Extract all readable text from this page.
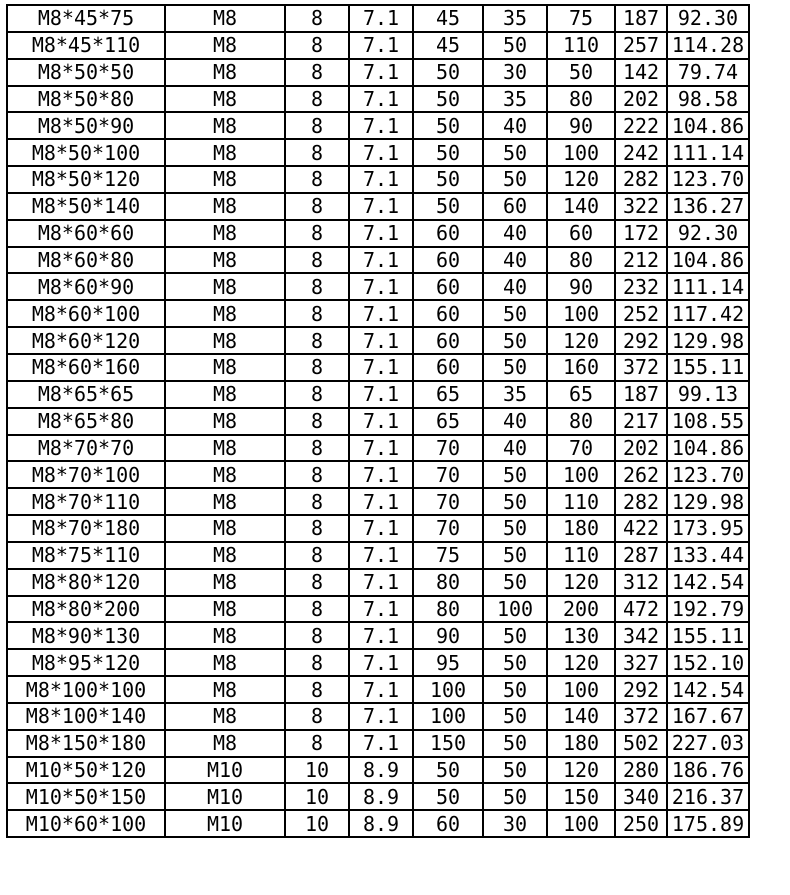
M8*45*75	M8	8	7.1	45	35	75	187	92.30
M8*45*110	M8	8	7.1	45	50	110	257	114.28
M8*50*50	M8	8	7.1	50	30	50	142	79.74
M8*50*80	M8	8	7.1	50	35	80	202	98.58
M8*50*90	M8	8	7.1	50	40	90	222	104.86
M8*50*100	M8	8	7.1	50	50	100	242	111.14
M8*50*120	M8	8	7.1	50	50	120	282	123.70
M8*50*140	M8	8	7.1	50	60	140	322	136.27
M8*60*60	M8	8	7.1	60	40	60	172	92.30
M8*60*80	M8	8	7.1	60	40	80	212	104.86
M8*60*90	M8	8	7.1	60	40	90	232	111.14
M8*60*100	M8	8	7.1	60	50	100	252	117.42
M8*60*120	M8	8	7.1	60	50	120	292	129.98
M8*60*160	M8	8	7.1	60	50	160	372	155.11
M8*65*65	M8	8	7.1	65	35	65	187	99.13
M8*65*80	M8	8	7.1	65	40	80	217	108.55
M8*70*70	M8	8	7.1	70	40	70	202	104.86
M8*70*100	M8	8	7.1	70	50	100	262	123.70
M8*70*110	M8	8	7.1	70	50	110	282	129.98
M8*70*180	M8	8	7.1	70	50	180	422	173.95
M8*75*110	M8	8	7.1	75	50	110	287	133.44
M8*80*120	M8	8	7.1	80	50	120	312	142.54
M8*80*200	M8	8	7.1	80	100	200	472	192.79
M8*90*130	M8	8	7.1	90	50	130	342	155.11
M8*95*120	M8	8	7.1	95	50	120	327	152.10
M8*100*100	M8	8	7.1	100	50	100	292	142.54
M8*100*140	M8	8	7.1	100	50	140	372	167.67
M8*150*180	M8	8	7.1	150	50	180	502	227.03
M10*50*120	M10	10	8.9	50	50	120	280	186.76
M10*50*150	M10	10	8.9	50	50	150	340	216.37
M10*60*100	M10	10	8.9	60	30	100	250	175.89
